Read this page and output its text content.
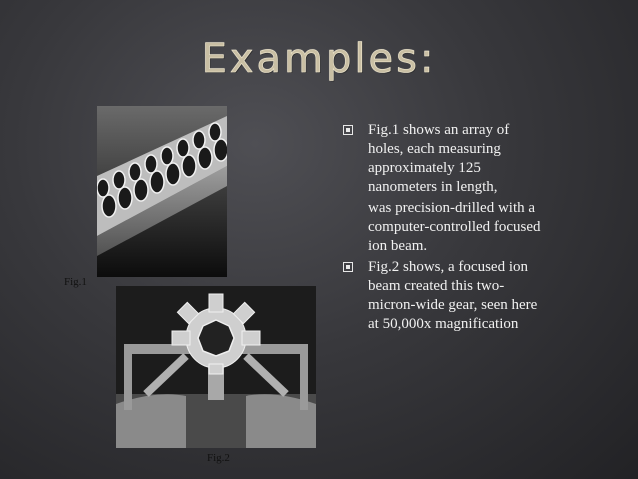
Examples:
Fig.1
Fig.2
Fig.1 shows an array of
holes, each measuring
approximately 125
nanometers in length,
was precision-drilled with a
computer-controlled focused
ion beam.
Fig.2 shows, a focused ion
beam created this two-
micron-wide gear, seen here
at 50,000x magnification
